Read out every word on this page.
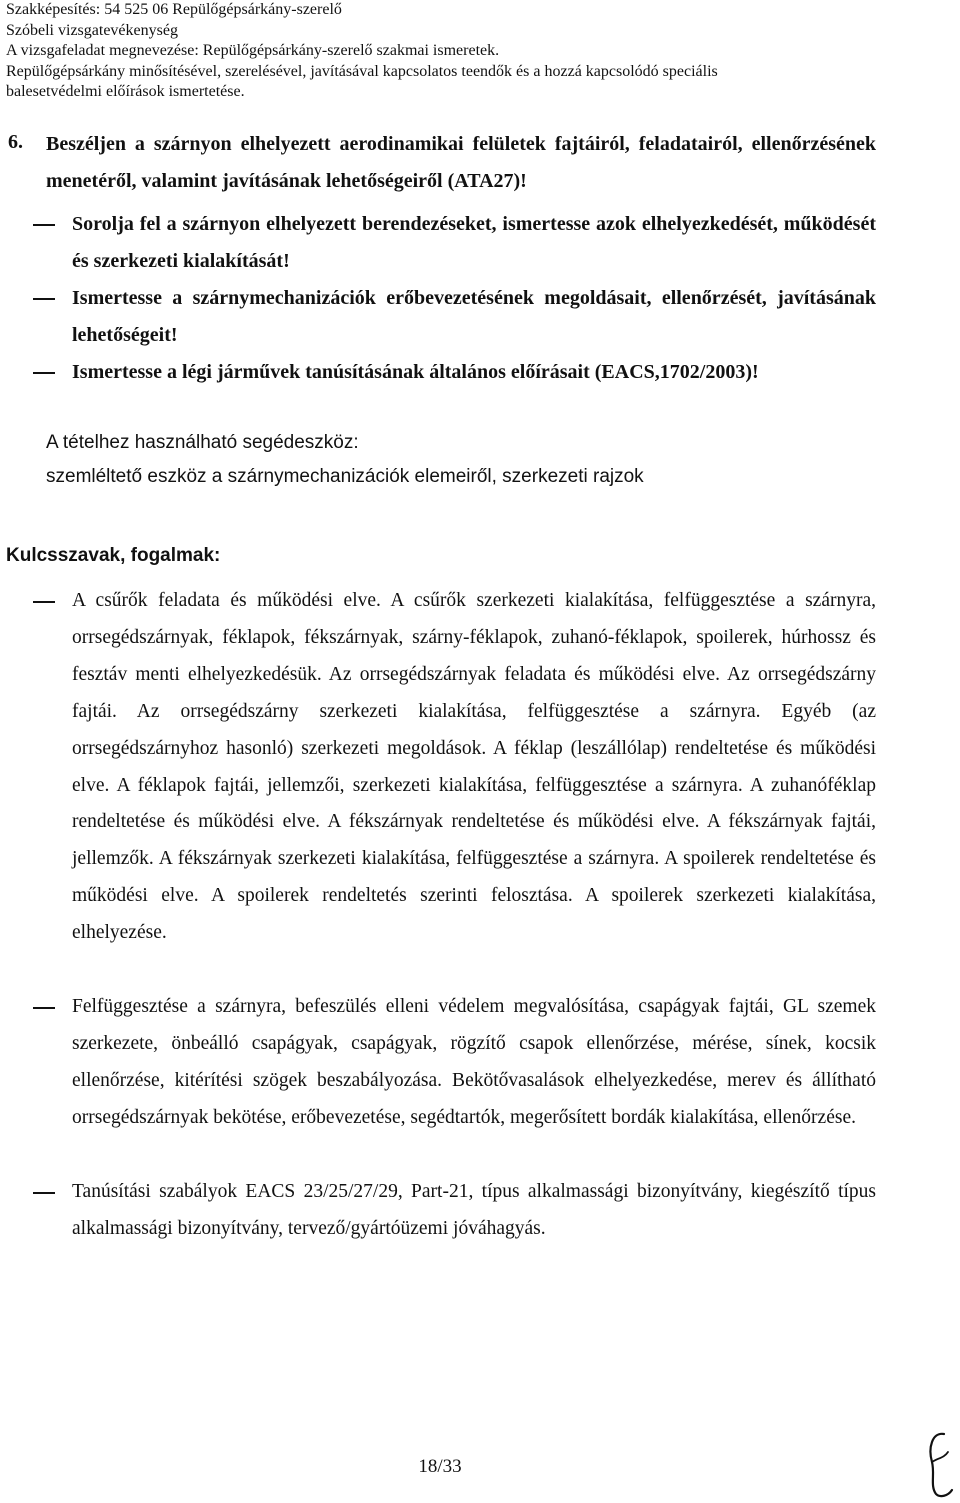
Szakképesítés: 54 525 06 Repülőgépsárkány-szerelő
Szóbeli vizsgatevékenység
A vizsgafeladat megnevezése: Repülőgépsárkány-szerelő szakmai ismeretek.
Repülőgépsárkány minősítésével, szerelésével, javításával kapcsolatos teendők és a hozzá kapcsolódó speciális
balesetvédelmi előírások ismertetése.
6. Beszéljen a szárnyon elhelyezett aerodinamikai felületek fajtáiról, feladatairól, ellenőrzésének menetéről, valamint javításának lehetőségeiről (ATA27)!
Sorolja fel a szárnyon elhelyezett berendezéseket, ismertesse azok elhelyezkedését, működését és szerkezeti kialakítását!
Ismertesse a szárnymechanizációk erőbevezetésének megoldásait, ellenőrzését, javításának lehetőségeit!
Ismertesse a légi járművek tanúsításának általános előírásait (EACS,1702/2003)!
A tételhez használható segédeszköz:
szemléltető eszköz a szárnymechanizációk elemeiről, szerkezeti rajzok
Kulcsszavak, fogalmak:
A csűrők feladata és működési elve. A csűrők szerkezeti kialakítása, felfüggesztése a szárnyra, orrsegédszárnyak, féklapok, fékszárnyak, szárny-féklapok, zuhanó-féklapok, spoilerek, húrhossz és fesztáv menti elhelyezkedésük. Az orrsegédszárnyak feladata és működési elve. Az orrsegédszárny fajtái. Az orrsegédszárny szerkezeti kialakítása, felfüggesztése a szárnyra. Egyéb (az orrsegédszárnyhoz hasonló) szerkezeti megoldások. A féklap (leszállólap) rendeltetése és működési elve. A féklapok fajtái, jellemzői, szerkezeti kialakítása, felfüggesztése a szárnyra. A zuhanóféklap rendeltetése és működési elve. A fékszárnyak rendeltetése és működési elve. A fékszárnyak fajtái, jellemzők. A fékszárnyak szerkezeti kialakítása, felfüggesztése a szárnyra. A spoilerek rendeltetése és működési elve. A spoilerek rendeltetés szerinti felosztása. A spoilerek szerkezeti kialakítása, elhelyezése.
Felfüggesztése a szárnyra, befeszülés elleni védelem megvalósítása, csapágyak fajtái, GL szemek szerkezete, önbeálló csapágyak, csapágyak, rögzítő csapok ellenőrzése, mérése, sínek, kocsik ellenőrzése, kitérítési szögek beszabályozása. Bekötővasalások elhelyezkedése, merev és állítható orrsegédszárnyak bekötése, erőbevezetése, segédtartók, megerősített bordák kialakítása, ellenőrzése.
Tanúsítási szabályok EACS 23/25/27/29, Part-21, típus alkalmassági bizonyítvány, kiegészítő típus alkalmassági bizonyítvány, tervező/gyártóüzemi jóváhagyás.
18/33
